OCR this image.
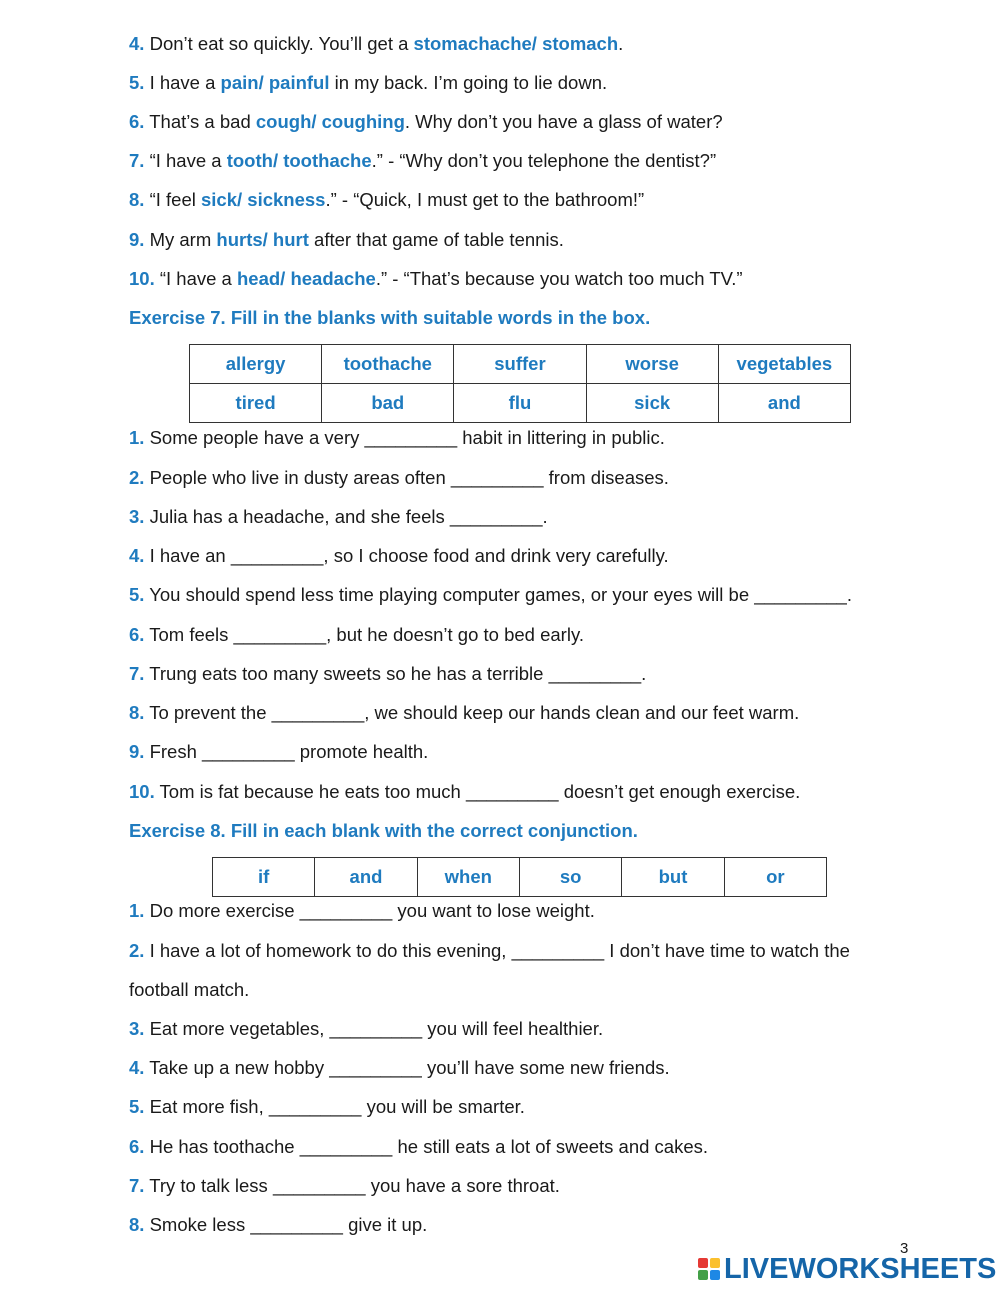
4. Don’t eat so quickly. You’ll get a stomachache/ stomach.
5. I have a pain/ painful in my back. I’m going to lie down.
6. That’s a bad cough/ coughing. Why don’t you have a glass of water?
7. “I have a tooth/ toothache.” - “Why don’t you telephone the dentist?”
8. “I feel sick/ sickness.” - “Quick, I must get to the bathroom!”
9. My arm hurts/ hurt after that game of table tennis.
10. “I have a head/ headache.” - “That’s because you watch too much TV.”
Exercise 7. Fill in the blanks with suitable words in the box.
allergy	toothache	suffer	worse	vegetables
tired	bad	flu	sick	and
1. Some people have a very _________ habit in littering in public.
2. People who live in dusty areas often _________ from diseases.
3. Julia has a headache, and she feels _________.
4. I have an _________, so I choose food and drink very carefully.
5. You should spend less time playing computer games, or your eyes will be _________.
6. Tom feels _________, but he doesn’t go to bed early.
7. Trung eats too many sweets so he has a terrible _________.
8. To prevent the _________, we should keep our hands clean and our feet warm.
9. Fresh _________ promote health.
10. Tom is fat because he eats too much _________ doesn’t get enough exercise.
Exercise 8. Fill in each blank with the correct conjunction.
if	and	when	so	but	or
1. Do more exercise _________ you want to lose weight.
2. I have a lot of homework to do this evening, _________ I don’t have time to watch the
football match.
3. Eat more vegetables, _________ you will feel healthier.
4. Take up a new hobby _________ you’ll have some new friends.
5. Eat more fish, _________ you will be smarter.
6. He has toothache _________ he still eats a lot of sweets and cakes.
7. Try to talk less _________ you have a sore throat.
8. Smoke less _________ give it up.
3
LIVEWORKSHEETS
